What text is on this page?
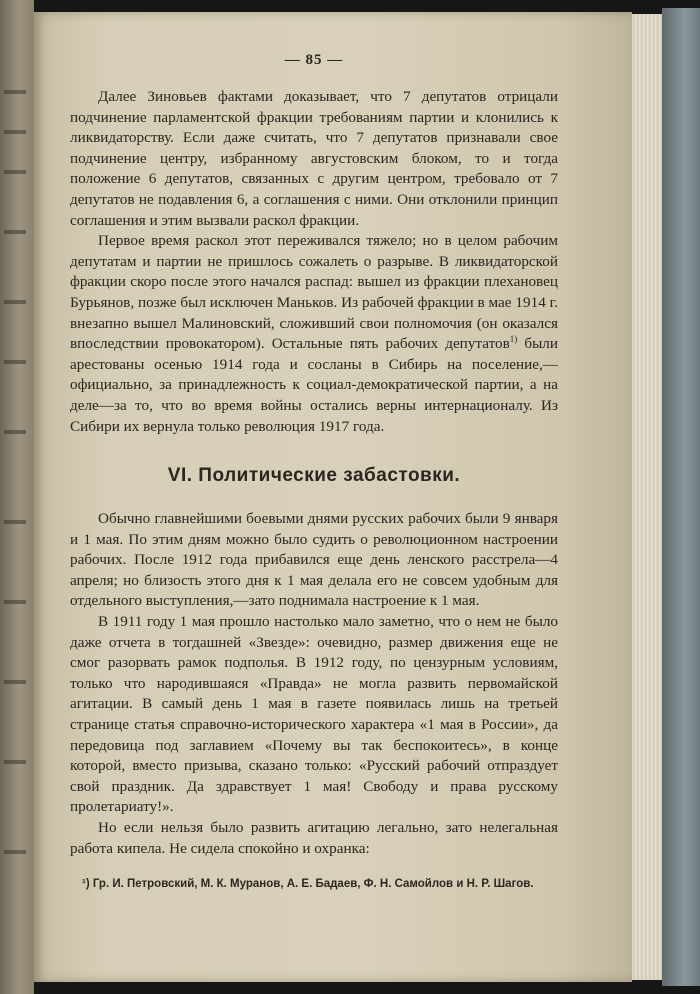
— 85 —

Далее Зиновьев фактами доказывает, что 7 депутатов отрицали подчинение парламентской фракции требованиям партии и клонились к ликвидаторству. Если даже считать, что 7 депутатов признавали свое подчинение центру, избранному августовским блоком, то и тогда положение 6 депутатов, связанных с другим центром, требовало от 7 депутатов не подавления 6, а соглашения с ними. Они отклонили принцип соглашения и этим вызвали раскол фракции.

Первое время раскол этот переживался тяжело; но в целом рабочим депутатам и партии не пришлось сожалеть о разрыве. В ликвидаторской фракции скоро после этого начался распад: вышел из фракции плехановец Бурьянов, позже был исключен Маньков. Из рабочей фракции в мае 1914 г. внезапно вышел Малиновский, сложивший свои полномочия (он оказался впоследствии провокатором). Остальные пять рабочих депутатов$^{1)}$ были арестованы осенью 1914 года и сосланы в Сибирь на поселение,—официально, за принадлежность к социал-демократической партии, а на деле—за то, что во время войны остались верны интернационалу. Из Сибири их вернула только революция 1917 года.

VI. Политические забастовки.

Обычно главнейшими боевыми днями русских рабочих были 9 января и 1 мая. По этим дням можно было судить о революционном настроении рабочих. После 1912 года прибавился еще день ленского расстрела—4 апреля; но близость этого дня к 1 мая делала его не совсем удобным для отдельного выступления,—зато поднимала настроение к 1 мая.

В 1911 году 1 мая прошло настолько мало заметно, что о нем не было даже отчета в тогдашней «Звезде»: очевидно, размер движения еще не смог разорвать рамок подполья. В 1912 году, по цензурным условиям, только что народившаяся «Правда» не могла развить первомайской агитации. В самый день 1 мая в газете появилась лишь на третьей странице статья справочно-исторического характера «1 мая в России», да передовица под заглавием «Почему вы так беспокоитесь», в конце которой, вместо призыва, сказано только: «Русский рабочий отпраздует свой праздник. Да здравствует 1 мая! Свободу и права русскому пролетариату!».

Но если нельзя было развить агитацию легально, зато нелегальная работа кипела. Не сидела спокойно и охранка:

¹) Гр. И. Петровский, М. К. Муранов, А. Е. Бадаев, Ф. Н. Самойлов и Н. Р. Шагов.
